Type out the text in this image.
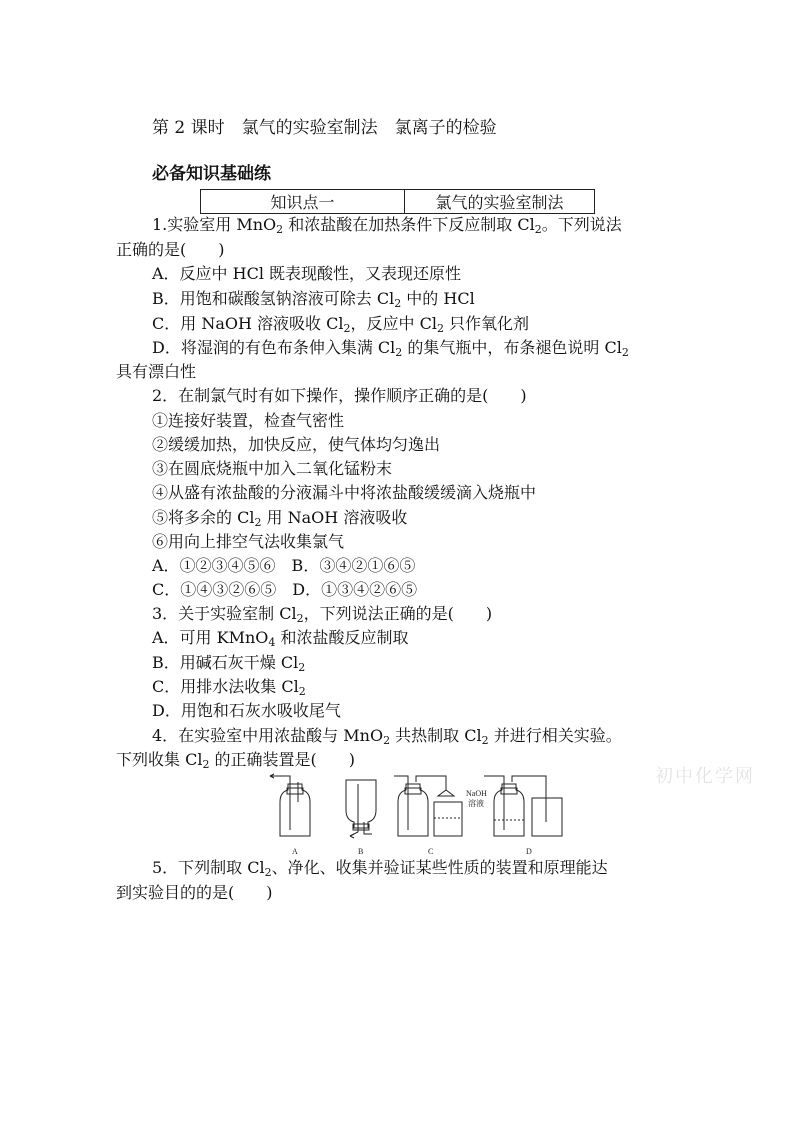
第 2 课时　氯气的实验室制法　氯离子的检验
必备知识基础练
知识点一	氯气的实验室制法
1.实验室用 MnO$_2$ 和浓盐酸在加热条件下反应制取 $Cl_2$。下列说法
正确的是(　　)
A．反应中 HCl 既表现酸性，又表现还原性
B．用饱和碳酸氢钠溶液可除去 $Cl_2$ 中的 HCl
C．用 NaOH 溶液吸收 $Cl_2$，反应中 $Cl_2$ 只作氧化剂
D．将湿润的有色布条伸入集满 $Cl_2$ 的集气瓶中，布条褪色说明 $Cl_2$
具有漂白性
2．在制氯气时有如下操作，操作顺序正确的是(　　)
①连接好装置，检查气密性
②缓缓加热，加快反应，使气体均匀逸出
③在圆底烧瓶中加入二氧化锰粉末
④从盛有浓盐酸的分液漏斗中将浓盐酸缓缓滴入烧瓶中
⑤将多余的 $Cl_2$ 用 NaOH 溶液吸收
⑥用向上排空气法收集氯气
A．①②③④⑤⑥　B．③④②①⑥⑤
C．①④③②⑥⑤　D．①③④②⑥⑤
3．关于实验室制 $Cl_2$，下列说法正确的是(　　)
A．可用 KMnO$_4$ 和浓盐酸反应制取
B．用碱石灰干燥 $Cl_2$
C．用排水法收集 $Cl_2$
D．用饱和石灰水吸收尾气
4．在实验室中用浓盐酸与 MnO$_2$ 共热制取 $Cl_2$ 并进行相关实验。
下列收集 $Cl_2$ 的正确装置是(　　)
初中化学网
NaOH
溶液
A	B	C	D
5．下列制取 $Cl_2$、净化、收集并验证某些性质的装置和原理能达
到实验目的的是(　　)
